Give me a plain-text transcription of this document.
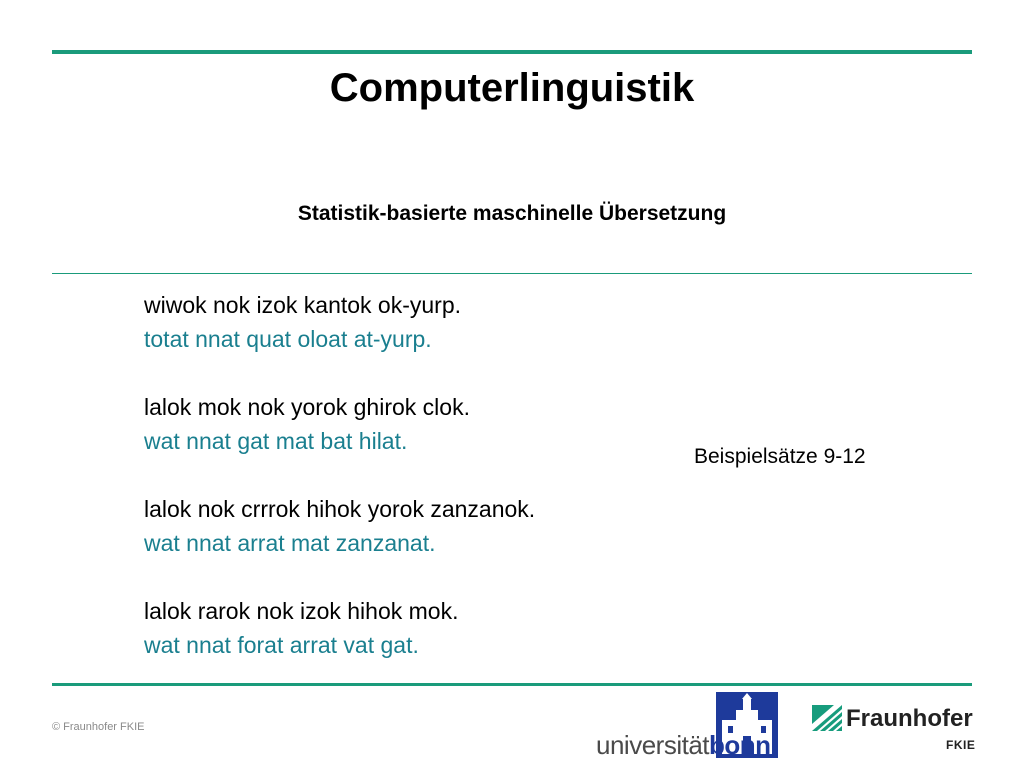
Computerlinguistik
Statistik-basierte maschinelle Übersetzung
wiwok nok izok kantok ok-yurp.
totat nnat quat oloat at-yurp.
lalok mok nok yorok ghirok clok.
wat nnat gat mat bat hilat.
lalok nok crrrok hihok yorok zanzanok.
wat nnat arrat mat zanzanat.
lalok rarok nok izok hihok mok.
wat nnat forat arrat vat gat.
Beispielsätze 9-12
© Fraunhofer FKIE
universitätbonn
Fraunhofer
FKIE
